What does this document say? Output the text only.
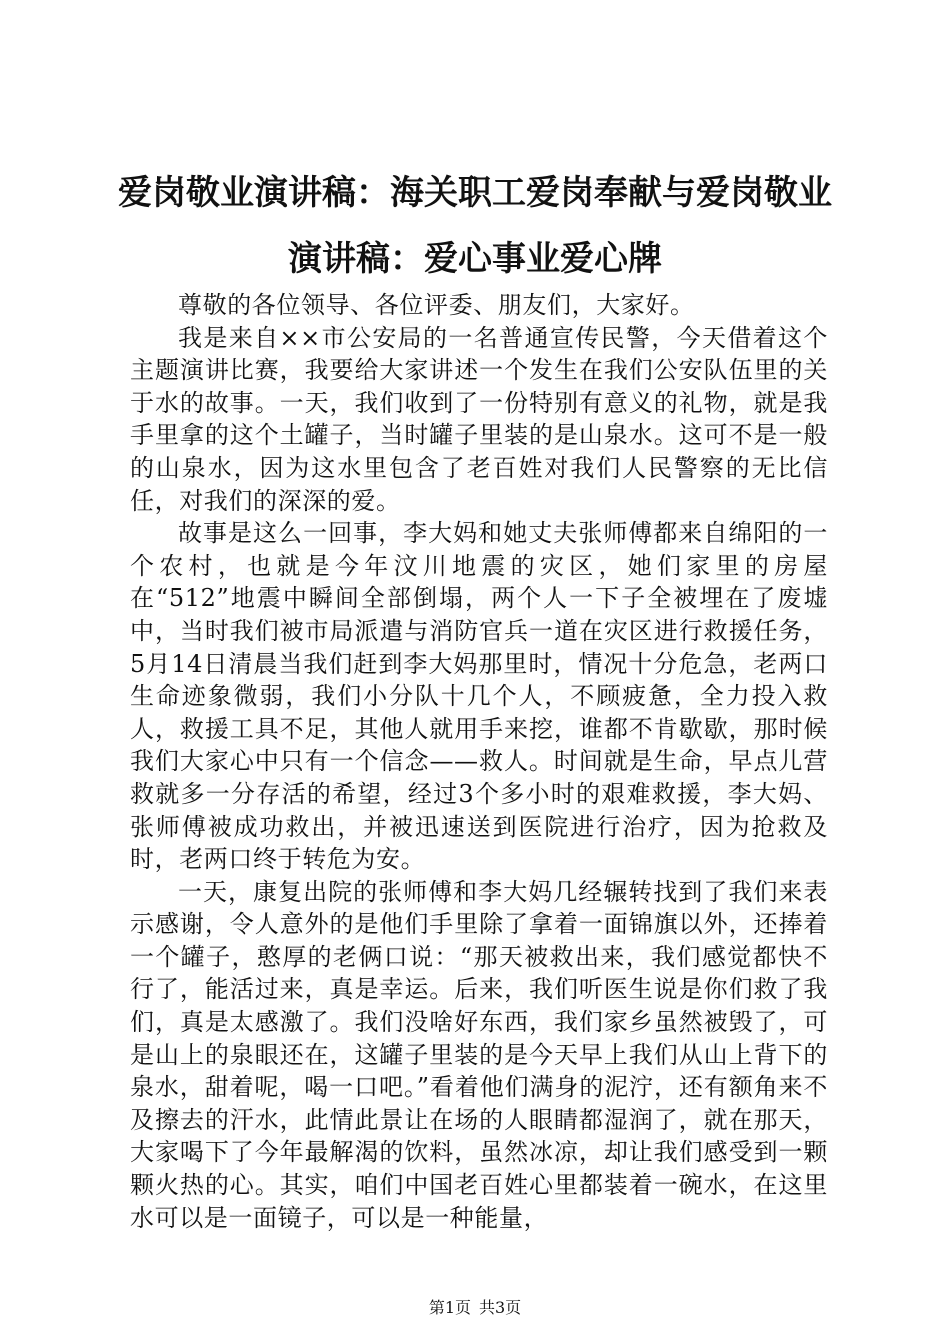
爱岗敬业演讲稿：海关职工爱岗奉献与爱岗敬业演讲稿：爱心事业爱心牌

尊敬的各位领导、各位评委、朋友们，大家好。

我是来自××市公安局的一名普通宣传民警，今天借着这个主题演讲比赛，我要给大家讲述一个发生在我们公安队伍里的关于水的故事。一天，我们收到了一份特别有意义的礼物，就是我手里拿的这个土罐子，当时罐子里装的是山泉水。这可不是一般的山泉水，因为这水里包含了老百姓对我们人民警察的无比信任，对我们的深深的爱。

故事是这么一回事，李大妈和她丈夫张师傅都来自绵阳的一个农村，也就是今年汶川地震的灾区，她们家里的房屋在“512”地震中瞬间全部倒塌，两个人一下子全被埋在了废墟中，当时我们被市局派遣与消防官兵一道在灾区进行救援任务，5月14日清晨当我们赶到李大妈那里时，情况十分危急，老两口生命迹象微弱，我们小分队十几个人，不顾疲惫，全力投入救人，救援工具不足，其他人就用手来挖，谁都不肯歇歇，那时候我们大家心中只有一个信念——救人。时间就是生命，早点儿营救就多一分存活的希望，经过3个多小时的艰难救援，李大妈、张师傅被成功救出，并被迅速送到医院进行治疗，因为抢救及时，老两口终于转危为安。

一天，康复出院的张师傅和李大妈几经辗转找到了我们来表示感谢，令人意外的是他们手里除了拿着一面锦旗以外，还捧着一个罐子，憨厚的老俩口说：“那天被救出来，我们感觉都快不行了，能活过来，真是幸运。后来，我们听医生说是你们救了我们，真是太感激了。我们没啥好东西，我们家乡虽然被毁了，可是山上的泉眼还在，这罐子里装的是今天早上我们从山上背下的泉水，甜着呢，喝一口吧。”看着他们满身的泥泞，还有额角来不及擦去的汗水，此情此景让在场的人眼睛都湿润了，就在那天，大家喝下了今年最解渴的饮料，虽然冰凉，却让我们感受到一颗颗火热的心。其实，咱们中国老百姓心里都装着一碗水，在这里水可以是一面镜子，可以是一种能量，

第1页 共3页
